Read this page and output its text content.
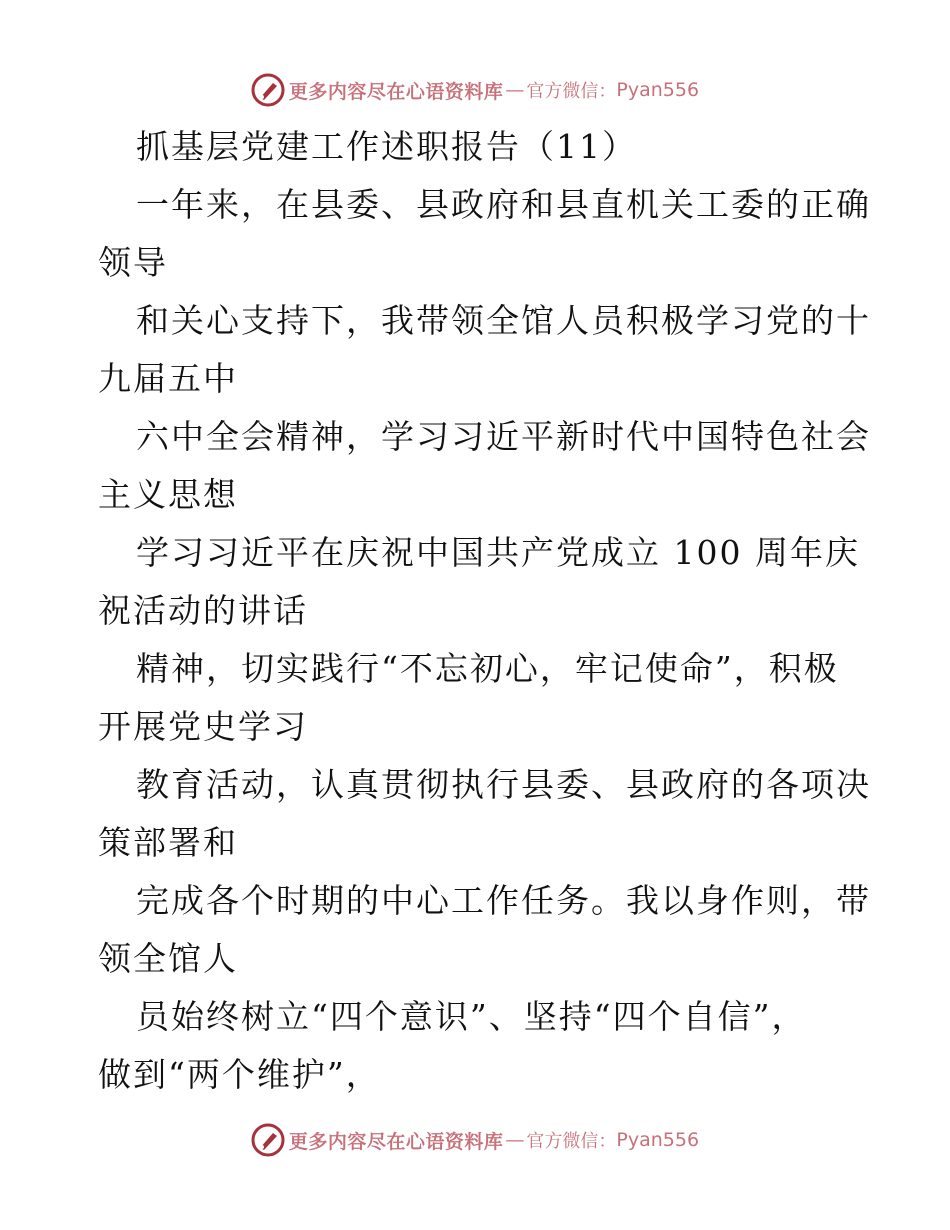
更多内容尽在心语资料库 — 官方微信： Pyan556
抓基层党建工作述职报告（11）
一年来，在县委、县政府和县直机关工委的正确
领导
和关心支持下，我带领全馆人员积极学习党的十
九届五中
六中全会精神，学习习近平新时代中国特色社会
主义思想
学习习近平在庆祝中国共产党成立 100 周年庆
祝活动的讲话
精神，切实践行“不忘初心，牢记使命”，积极
开展党史学习
教育活动，认真贯彻执行县委、县政府的各项决
策部署和
完成各个时期的中心工作任务。我以身作则，带
领全馆人
员始终树立“四个意识”、坚持“四个自信”，
做到“两个维护”，
更多内容尽在心语资料库 — 官方微信： Pyan556
